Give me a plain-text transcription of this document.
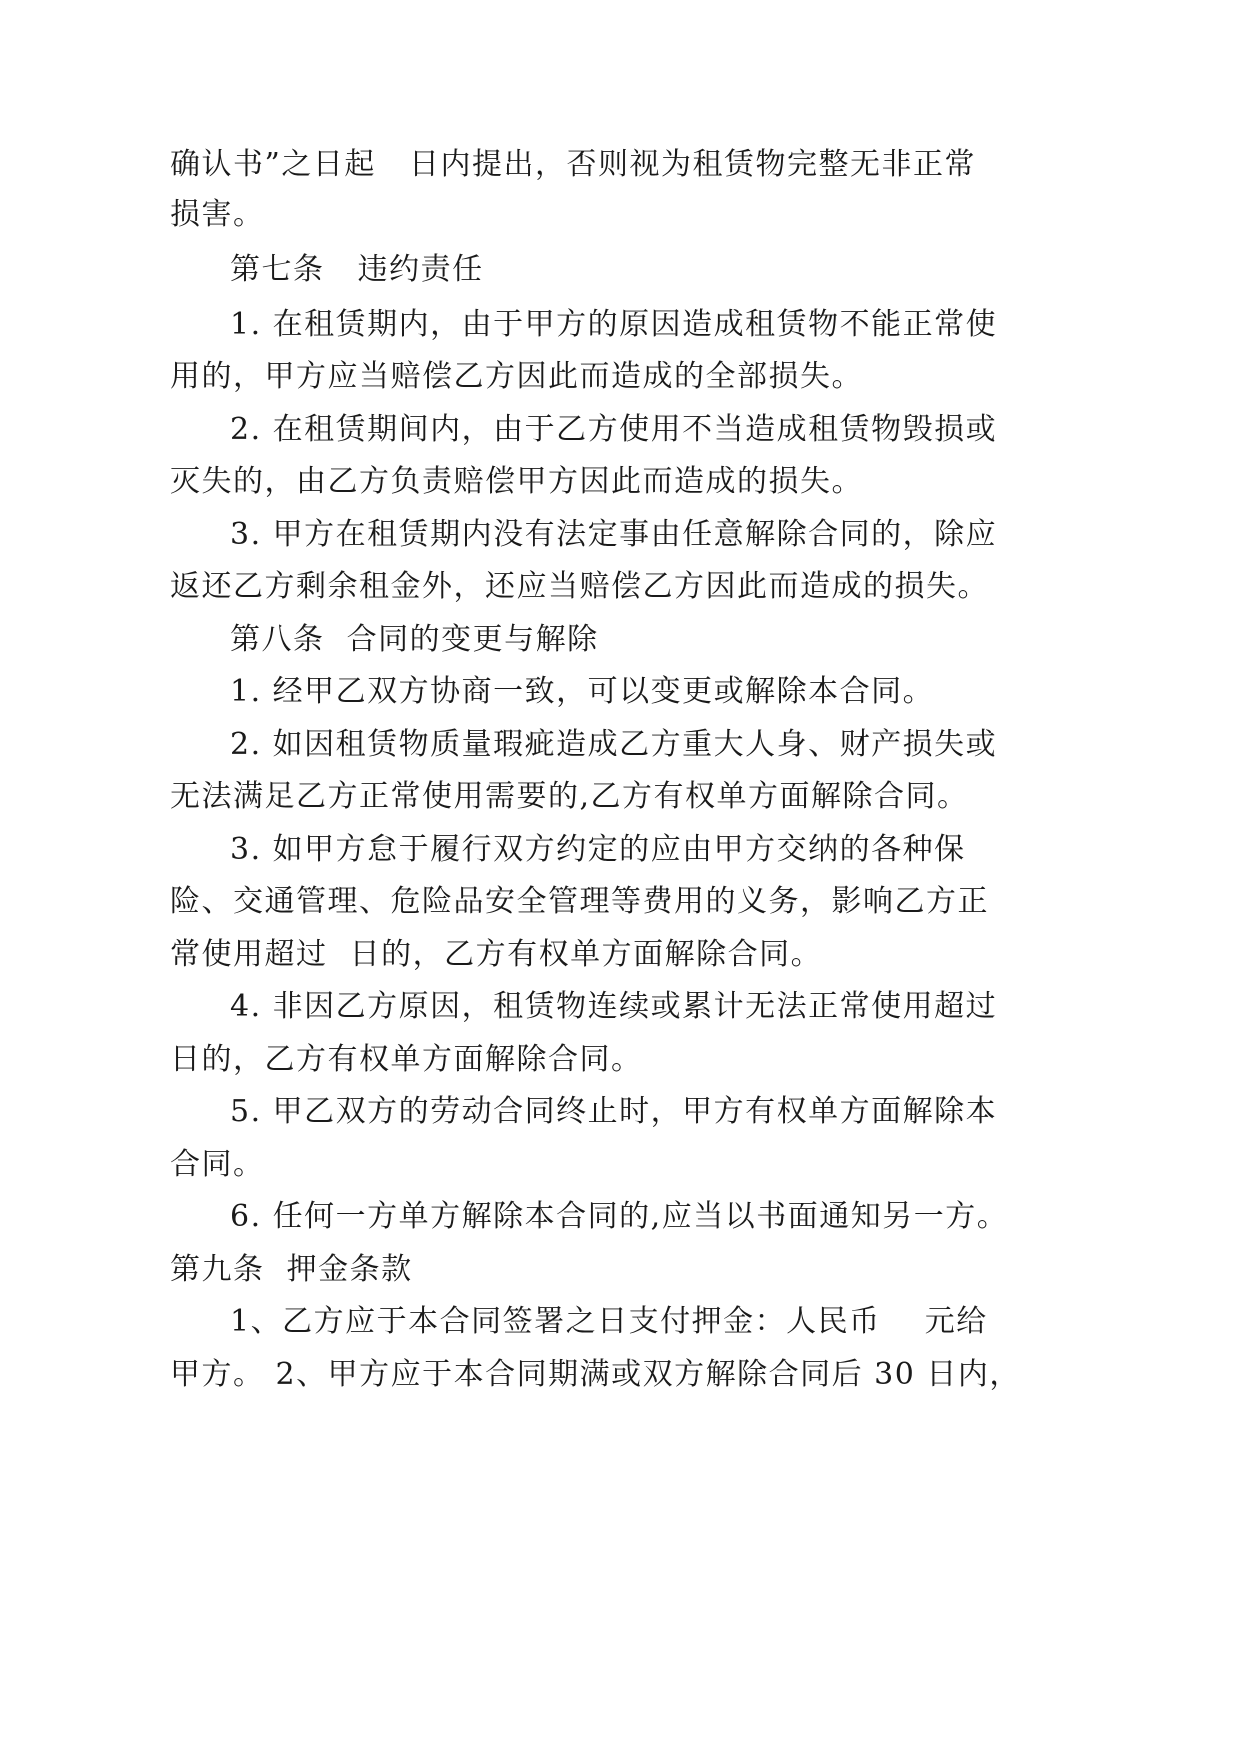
确认书”之日起   日内提出，否则视为租赁物完整无非正常
损害。
第七条   违约责任
1. 在租赁期内，由于甲方的原因造成租赁物不能正常使
用的，甲方应当赔偿乙方因此而造成的全部损失。
2. 在租赁期间内，由于乙方使用不当造成租赁物毁损或
灭失的，由乙方负责赔偿甲方因此而造成的损失。
3. 甲方在租赁期内没有法定事由任意解除合同的，除应
返还乙方剩余租金外，还应当赔偿乙方因此而造成的损失。
第八条  合同的变更与解除
1. 经甲乙双方协商一致，可以变更或解除本合同。
2. 如因租赁物质量瑕疵造成乙方重大人身、财产损失或
无法满足乙方正常使用需要的,乙方有权单方面解除合同。
3. 如甲方怠于履行双方约定的应由甲方交纳的各种保
险、交通管理、危险品安全管理等费用的义务，影响乙方正
常使用超过  日的，乙方有权单方面解除合同。
4. 非因乙方原因，租赁物连续或累计无法正常使用超过
日的，乙方有权单方面解除合同。
5. 甲乙双方的劳动合同终止时，甲方有权单方面解除本
合同。
6. 任何一方单方解除本合同的,应当以书面通知另一方。
第九条  押金条款
1、乙方应于本合同签署之日支付押金：人民币    元给
甲方。 2、甲方应于本合同期满或双方解除合同后 30 日内，
